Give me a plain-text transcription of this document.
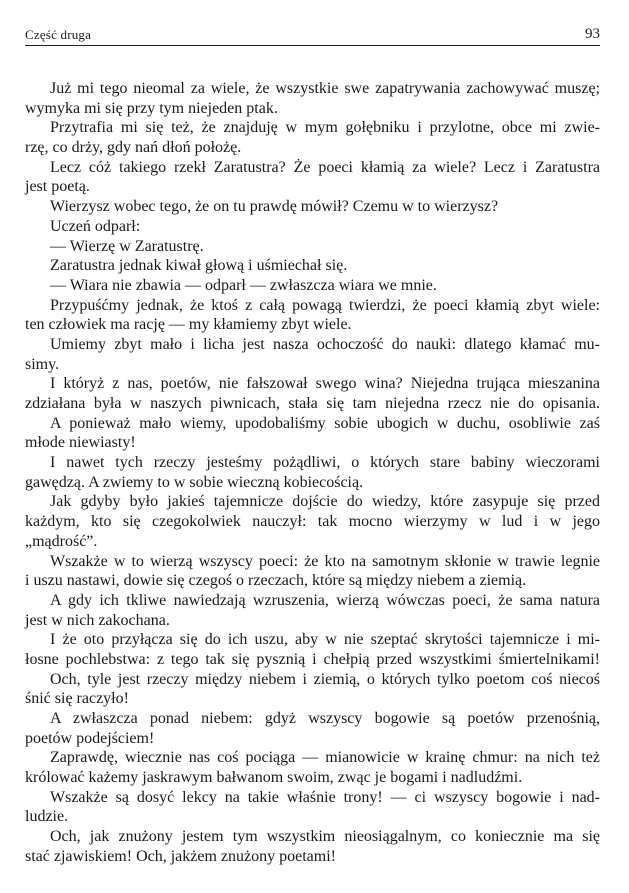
Część druga	93
Już mi tego nieomal za wiele, że wszystkie swe zapatrywania zachowywać muszę;
wymyka mi się przy tym niejeden ptak.
Przytrafia mi się też, że znajduję w mym gołębniku i przylotne, obce mi zwie-
rzę, co drży, gdy nań dłoń położę.
Lecz cóż takiego rzekł Zaratustra? Że poeci kłamią za wiele? Lecz i Zaratustra
jest poetą.
Wierzysz wobec tego, że on tu prawdę mówił? Czemu w to wierzysz?
Uczeń odparł:
— Wierzę w Zaratustrę.
Zaratustra jednak kiwał głową i uśmiechał się.
— Wiara nie zbawia — odparł — zwłaszcza wiara we mnie.
Przypuśćmy jednak, że ktoś z całą powagą twierdzi, że poeci kłamią zbyt wiele:
ten człowiek ma rację — my kłamiemy zbyt wiele.
Umiemy zbyt mało i licha jest nasza ochoczość do nauki: dlatego kłamać mu-
simy.
I któryż z nas, poetów, nie fałszował swego wina? Niejedna trująca mieszanina
zdziałana była w naszych piwnicach, stała się tam niejedna rzecz nie do opisania.
A ponieważ mało wiemy, upodobaliśmy sobie ubogich w duchu, osobliwie zaś
młode niewiasty!
I nawet tych rzeczy jesteśmy pożądliwi, o których stare babiny wieczorami
gawędzą. A zwiemy to w sobie wieczną kobiecością.
Jak gdyby było jakieś tajemnicze dojście do wiedzy, które zasypuje się przed
każdym, kto się czegokolwiek nauczył: tak mocno wierzymy w lud i w jego
„mądrość”.
Wszakże w to wierzą wszyscy poeci: że kto na samotnym skłonie w trawie legnie
i uszu nastawi, dowie się czegoś o rzeczach, które są między niebem a ziemią.
A gdy ich tkliwe nawiedzają wzruszenia, wierzą wówczas poeci, że sama natura
jest w nich zakochana.
I że oto przyłącza się do ich uszu, aby w nie szeptać skrytości tajemnicze i mi-
łosne pochlebstwa: z tego tak się pysznią i chełpią przed wszystkimi śmiertelnikami!
Och, tyle jest rzeczy między niebem i ziemią, o których tylko poetom coś niecoś
śnić się raczyło!
A zwłaszcza ponad niebem: gdyż wszyscy bogowie są poetów przenośnią,
poetów podejściem!
Zaprawdę, wiecznie nas coś pociąga — mianowicie w krainę chmur: na nich też
królować każemy jaskrawym bałwanom swoim, zwąc je bogami i nadludźmi.
Wszakże są dosyć lekcy na takie właśnie trony! — ci wszyscy bogowie i nad-
ludzie.
Och, jak znużony jestem tym wszystkim nieosiągalnym, co koniecznie ma się
stać zjawiskiem! Och, jakżem znużony poetami!
